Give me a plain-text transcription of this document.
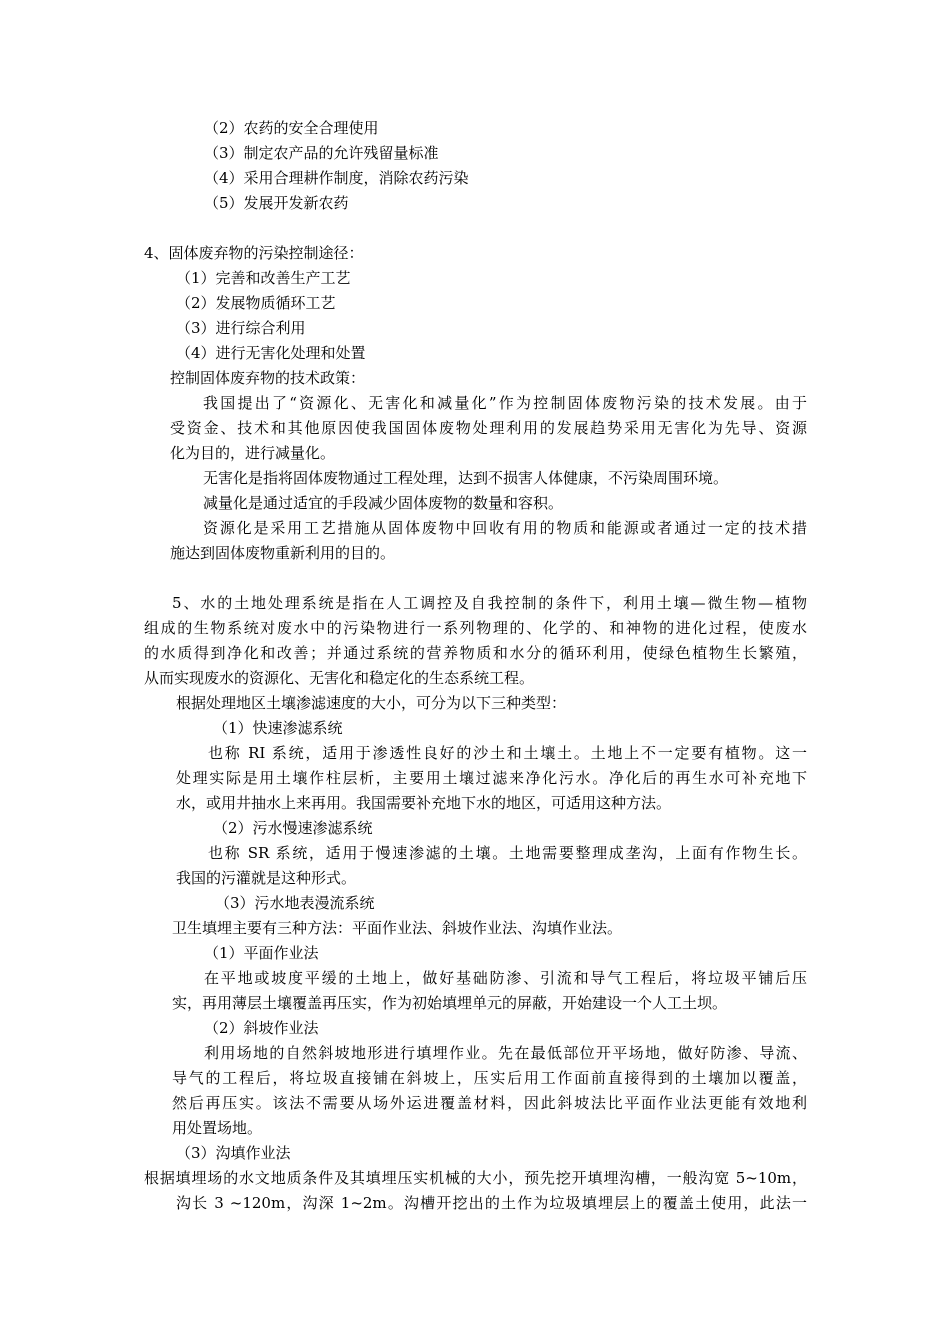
（2）农药的安全合理使用
（3）制定农产品的允许残留量标准
（4）采用合理耕作制度，消除农药污染
（5）发展开发新农药
4、固体废弃物的污染控制途径：
（1）完善和改善生产工艺
（2）发展物质循环工艺
（3）进行综合利用
（4）进行无害化处理和处置
控制固体废弃物的技术政策：
我国提出了“资源化、无害化和减量化”作为控制固体废物污染的技术发展。由于
受资金、技术和其他原因使我国固体废物处理利用的发展趋势采用无害化为先导、资源
化为目的，进行减量化。
无害化是指将固体废物通过工程处理，达到不损害人体健康，不污染周围环境。
减量化是通过适宜的手段减少固体废物的数量和容积。
资源化是采用工艺措施从固体废物中回收有用的物质和能源或者通过一定的技术措
施达到固体废物重新利用的目的。
5、水的土地处理系统是指在人工调控及自我控制的条件下，利用土壤—微生物—植物
组成的生物系统对废水中的污染物进行一系列物理的、化学的、和神物的进化过程，使废水
的水质得到净化和改善；并通过系统的营养物质和水分的循环利用，使绿色植物生长繁殖，
从而实现废水的资源化、无害化和稳定化的生态系统工程。
根据处理地区土壤渗滤速度的大小，可分为以下三种类型：
（1）快速渗滤系统
也称 RI 系统，适用于渗透性良好的沙土和土壤土。土地上不一定要有植物。这一
处理实际是用土壤作柱层析，主要用土壤过滤来净化污水。净化后的再生水可补充地下
水，或用井抽水上来再用。我国需要补充地下水的地区，可适用这种方法。
（2）污水慢速渗滤系统
也称 SR 系统，适用于慢速渗滤的土壤。土地需要整理成垄沟，上面有作物生长。
我国的污灌就是这种形式。
（3）污水地表漫流系统
卫生填埋主要有三种方法：平面作业法、斜坡作业法、沟填作业法。
（1）平面作业法
在平地或坡度平缓的土地上，做好基础防渗、引流和导气工程后，将垃圾平铺后压
实，再用薄层土壤覆盖再压实，作为初始填埋单元的屏蔽，开始建设一个人工土坝。
（2）斜坡作业法
利用场地的自然斜坡地形进行填埋作业。先在最低部位开平场地，做好防渗、导流、
导气的工程后，将垃圾直接铺在斜坡上，压实后用工作面前直接得到的土壤加以覆盖，
然后再压实。该法不需要从场外运进覆盖材料，因此斜坡法比平面作业法更能有效地利
用处置场地。
（3）沟填作业法
根据填埋场的水文地质条件及其填埋压实机械的大小，预先挖开填埋沟槽，一般沟宽 5~10m，
沟长 3 ~120m，沟深 1~2m。沟槽开挖出的土作为垃圾填埋层上的覆盖土使用，此法一
